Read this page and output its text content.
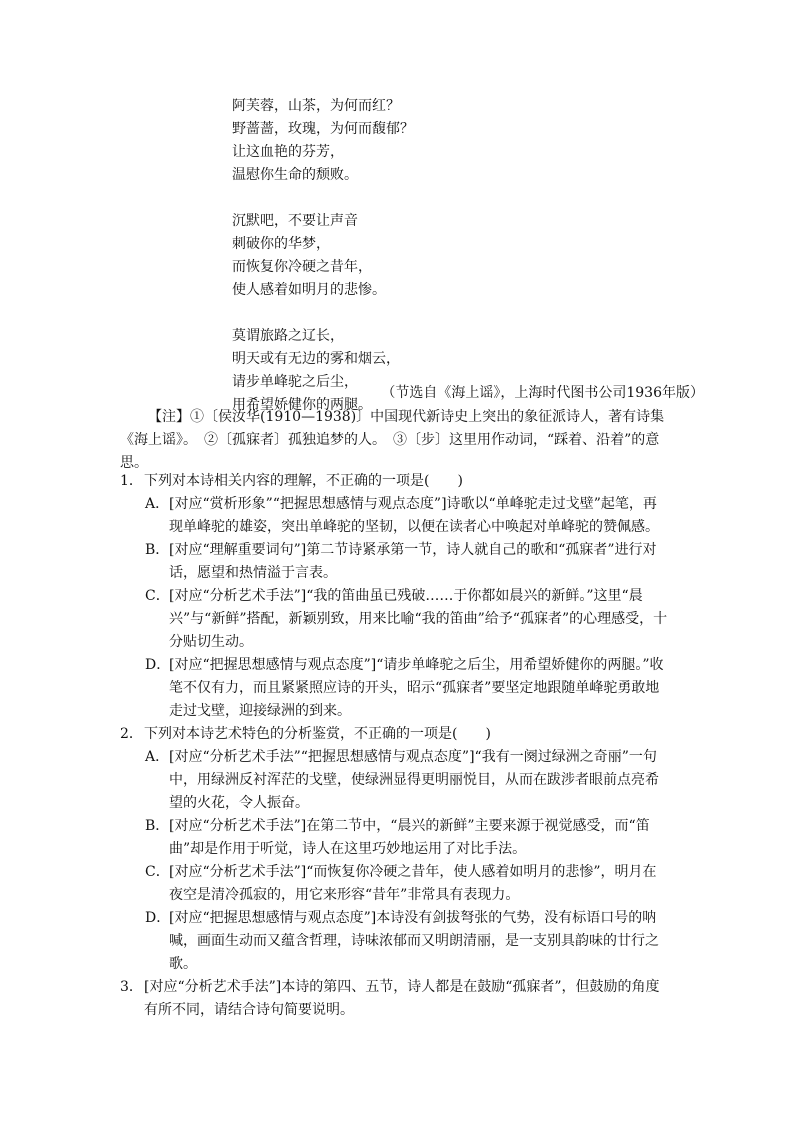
阿芙蓉，山茶，为何而红？
野蔷蔷，玫瑰，为何而馥郁？
让这血艳的芬芳，
温慰你生命的颓败。
沉默吧，不要让声音
刺破你的华梦，
而恢复你冷硬之昔年，
使人感着如明月的悲惨。
莫谓旅路之辽长，
明天或有无边的雾和烟云，
请步单峰驼之后尘，
用希望娇健你的两腿。
（节选自《海上谣》，上海时代图书公司1936年版）
【注】①〔侯汝华(1910—1938)〕中国现代新诗史上突出的象征派诗人，著有诗集《海上谣》。　②〔孤寐者〕孤独追梦的人。　③〔步〕这里用作动词，“踩着、沿着”的意思。
1． 下列对本诗相关内容的理解，不正确的一项是(　　)
A． [对应“赏析形象”“把握思想感情与观点态度”]诗歌以“单峰驼走过戈壁”起笔，再现单峰驼的雄姿，突出单峰驼的坚韧，以便在读者心中唤起对单峰驼的赞佩感。
B． [对应“理解重要词句”]第二节诗紧承第一节，诗人就自己的歌和“孤寐者”进行对话，愿望和热情溢于言表。
C． [对应“分析艺术手法”]“我的笛曲虽已残破……于你都如晨兴的新鲜。”这里“晨兴”与“新鲜”搭配，新颖别致，用来比喻“我的笛曲”给予“孤寐者”的心理感受，十分贴切生动。
D．
[对应“把握思想感情与观点态度”]“请步单峰驼之后尘，用希望娇健你的两腿。”收笔不仅有力，而且紧紧照应诗的开头，昭示“孤寐者”要坚定地跟随单峰驼勇敢地走过戈壁，迎接绿洲的到来。
2． 下列对本诗艺术特色的分析鉴赏，不正确的一项是(　　)
A． [对应“分析艺术手法”“把握思想感情与观点态度”]“我有一阕过绿洲之奇丽”一句中，用绿洲反衬浑茫的戈壁，使绿洲显得更明丽悦目，从而在跋涉者眼前点亮希望的火花，令人振奋。
B． [对应“分析艺术手法”]在第二节中，“晨兴的新鲜”主要来源于视觉感受，而“笛曲”却是作用于听觉，诗人在这里巧妙地运用了对比手法。
C． [对应“分析艺术手法”]“而恢复你冷硬之昔年，使人感着如明月的悲惨”，明月在夜空是清冷孤寂的，用它来形容“昔年”非常具有表现力。
D．
[对应“把握思想感情与观点态度”]本诗没有剑拔弩张的气势，没有标语口号的呐喊，画面生动而又蕴含哲理，诗味浓郁而又明朗清丽，是一支别具韵味的廿行之歌。
3． [对应“分析艺术手法”]本诗的第四、五节，诗人都是在鼓励“孤寐者”，但鼓励的角度有所不同，请结合诗句简要说明。
